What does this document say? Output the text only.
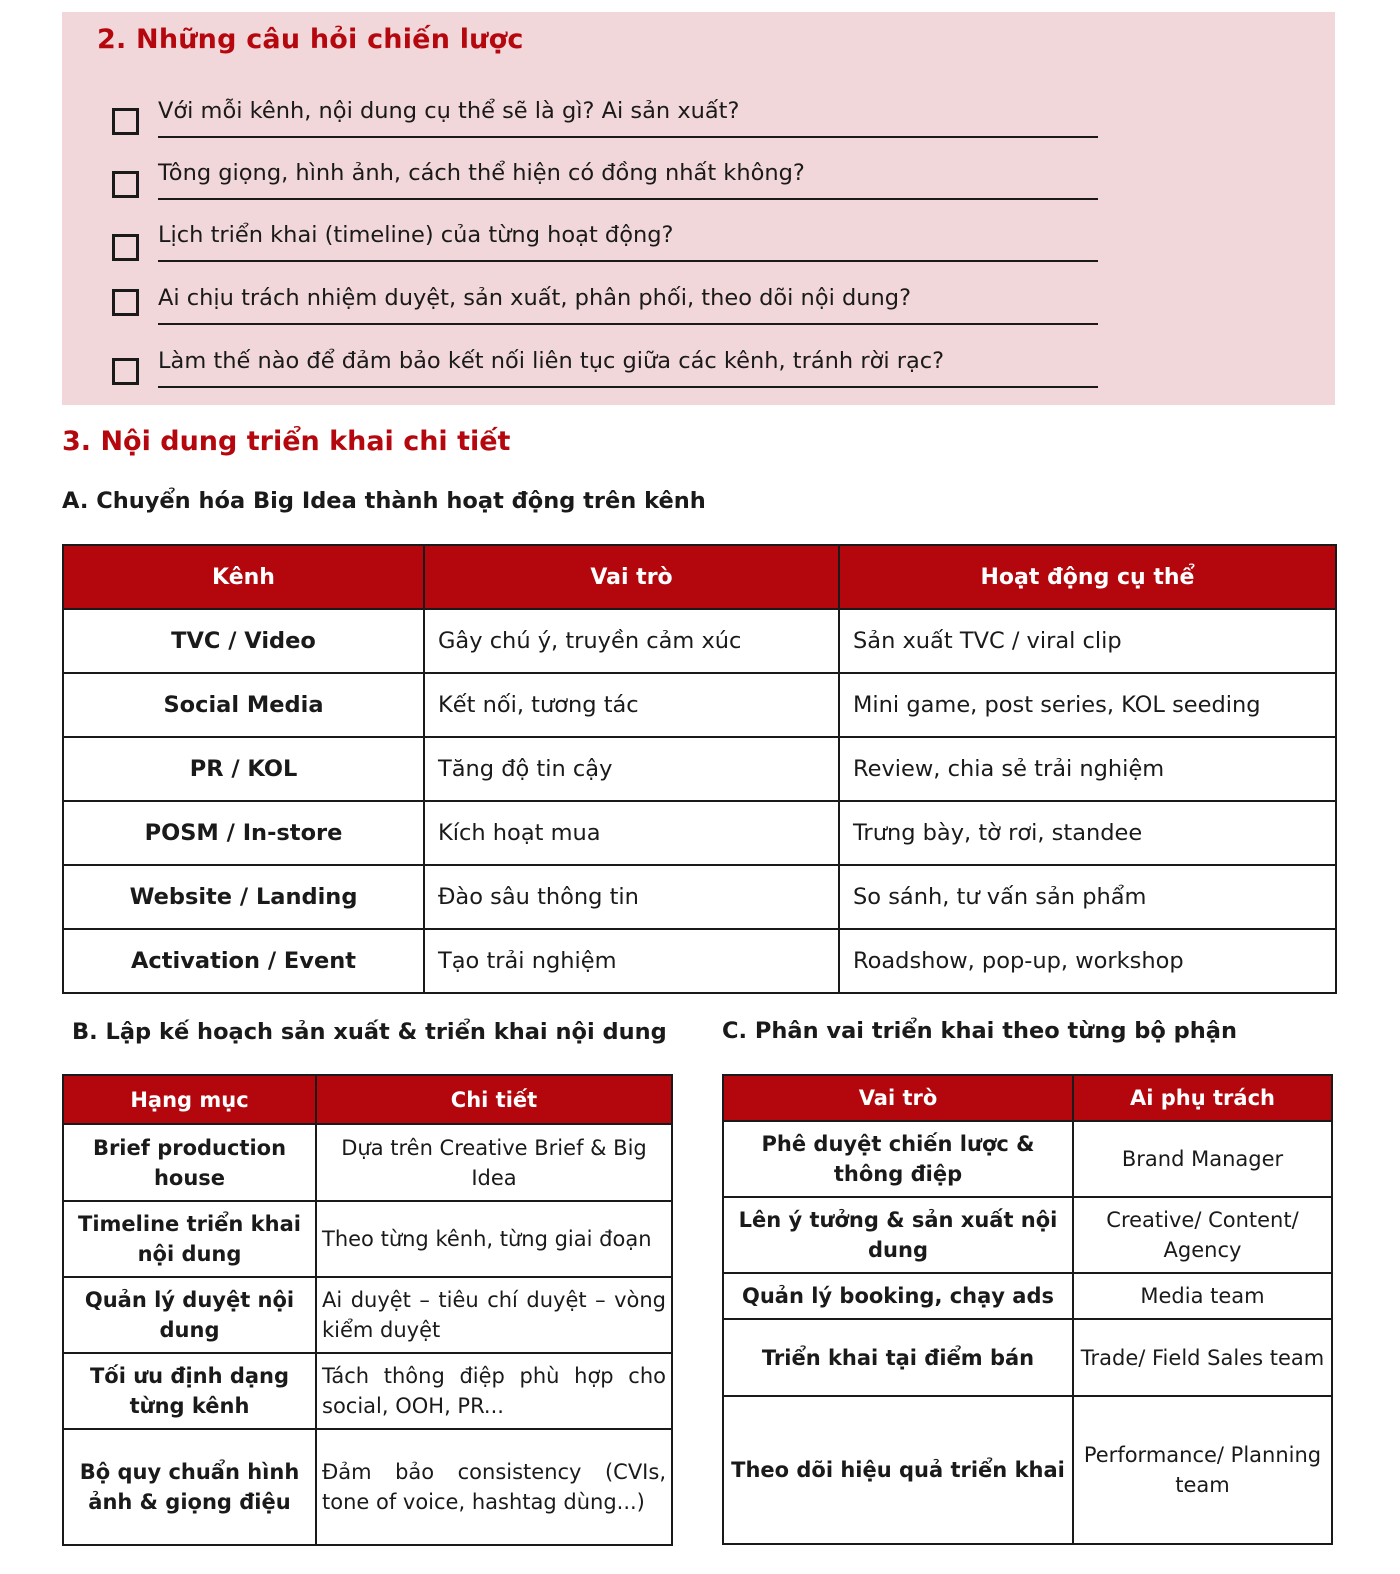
2. Những câu hỏi chiến lược
Với mỗi kênh, nội dung cụ thể sẽ là gì? Ai sản xuất?
Tông giọng, hình ảnh, cách thể hiện có đồng nhất không?
Lịch triển khai (timeline) của từng hoạt động?
Ai chịu trách nhiệm duyệt, sản xuất, phân phối, theo dõi nội dung?
Làm thế nào để đảm bảo kết nối liên tục giữa các kênh, tránh rời rạc?
3. Nội dung triển khai chi tiết
A. Chuyển hóa Big Idea thành hoạt động trên kênh
Kênh	Vai trò	Hoạt động cụ thể
TVC / Video	Gây chú ý, truyền cảm xúc	Sản xuất TVC / viral clip
Social Media	Kết nối, tương tác	Mini game, post series, KOL seeding
PR / KOL	Tăng độ tin cậy	Review, chia sẻ trải nghiệm
POSM / In-store	Kích hoạt mua	Trưng bày, tờ rơi, standee
Website / Landing	Đào sâu thông tin	So sánh, tư vấn sản phẩm
Activation / Event	Tạo trải nghiệm	Roadshow, pop-up, workshop
B. Lập kế hoạch sản xuất & triển khai nội dung C. Phân vai triển khai theo từng bộ phận
Hạng mục	Chi tiết
Brief production house	Dựa trên Creative Brief & Big Idea
Timeline triển khai nội dung	Theo từng kênh, từng giai đoạn
Quản lý duyệt nội dung	Ai duyệt – tiêu chí duyệt – vòng kiểm duyệt
Tối ưu định dạng từng kênh	Tách thông điệp phù hợp cho social, OOH, PR...
Bộ quy chuẩn hình ảnh & giọng điệu	Đảm bảo consistency (CVIs, tone of voice, hashtag dùng...)
Vai trò	Ai phụ trách
Phê duyệt chiến lược & thông điệp	Brand Manager
Lên ý tưởng & sản xuất nội dung	Creative/ Content/ Agency
Quản lý booking, chạy ads	Media team
Triển khai tại điểm bán	Trade/ Field Sales team
Theo dõi hiệu quả triển khai	Performance/ Planning team
